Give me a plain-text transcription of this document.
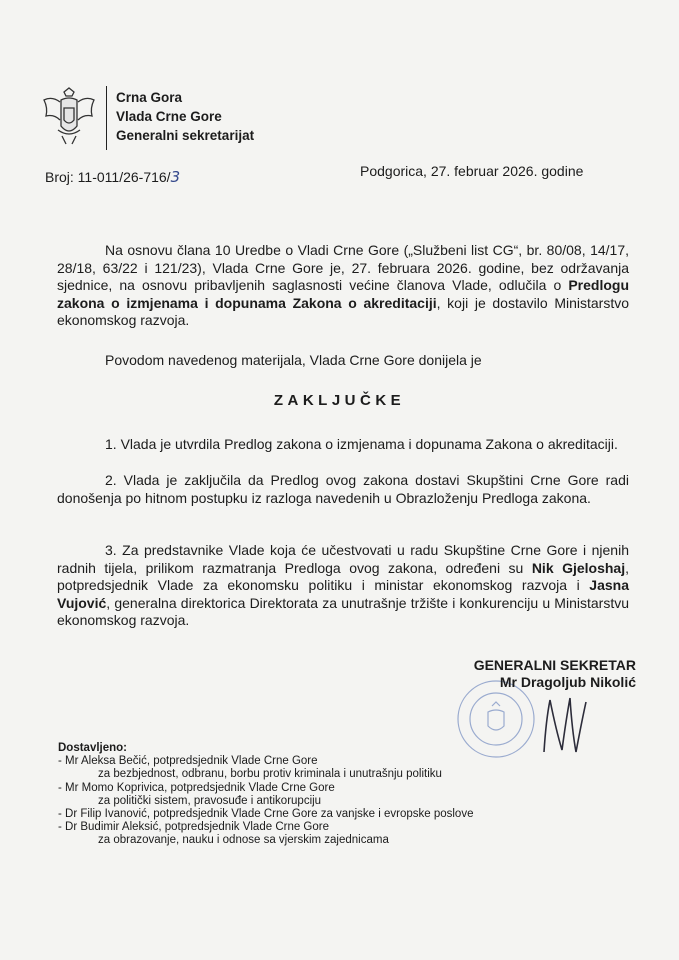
Crna Gora
Vlada Crne Gore
Generalni sekretarijat
Broj: 11-011/26-716/3	Podgorica, 27. februar 2026. godine
Na osnovu člana 10 Uredbe o Vladi Crne Gore („Službeni list CG“, br. 80/08, 14/17, 28/18, 63/22 i 121/23), Vlada Crne Gore je, 27. februara 2026. godine, bez održavanja sjednice, na osnovu pribavljenih saglasnosti većine članova Vlade, odlučila o Predlogu zakona o izmjenama i dopunama Zakona o akreditaciji, koji je dostavilo Ministarstvo ekonomskog razvoja.
Povodom navedenog materijala, Vlada Crne Gore donijela je
ZAKLJUČKE
1. Vlada je utvrdila Predlog zakona o izmjenama i dopunama Zakona o akreditaciji.
2. Vlada je zaključila da Predlog ovog zakona dostavi Skupštini Crne Gore radi donošenja po hitnom postupku iz razloga navedenih u Obrazloženju Predloga zakona.
3. Za predstavnike Vlade koja će učestvovati u radu Skupštine Crne Gore i njenih radnih tijela, prilikom razmatranja Predloga ovog zakona, određeni su Nik Gjeloshaj, potpredsjednik Vlade za ekonomsku politiku i ministar ekonomskog razvoja i Jasna Vujović, generalna direktorica Direktorata za unutrašnje tržište i konkurenciju u Ministarstvu ekonomskog razvoja.
GENERALNI SEKRETAR
Mr Dragoljub Nikolić
Dostavljeno:
- Mr Aleksa Bečić, potpredsjednik Vlade Crne Gore
za bezbjednost, odbranu, borbu protiv kriminala i unutrašnju politiku
- Mr Momo Koprivica, potpredsjednik Vlade Crne Gore
za politički sistem, pravosuđe i antikorupciju
- Dr Filip Ivanović, potpredsjednik Vlade Crne Gore za vanjske i evropske poslove
- Dr Budimir Aleksić, potpredsjednik Vlade Crne Gore
za obrazovanje, nauku i odnose sa vjerskim zajednicama
